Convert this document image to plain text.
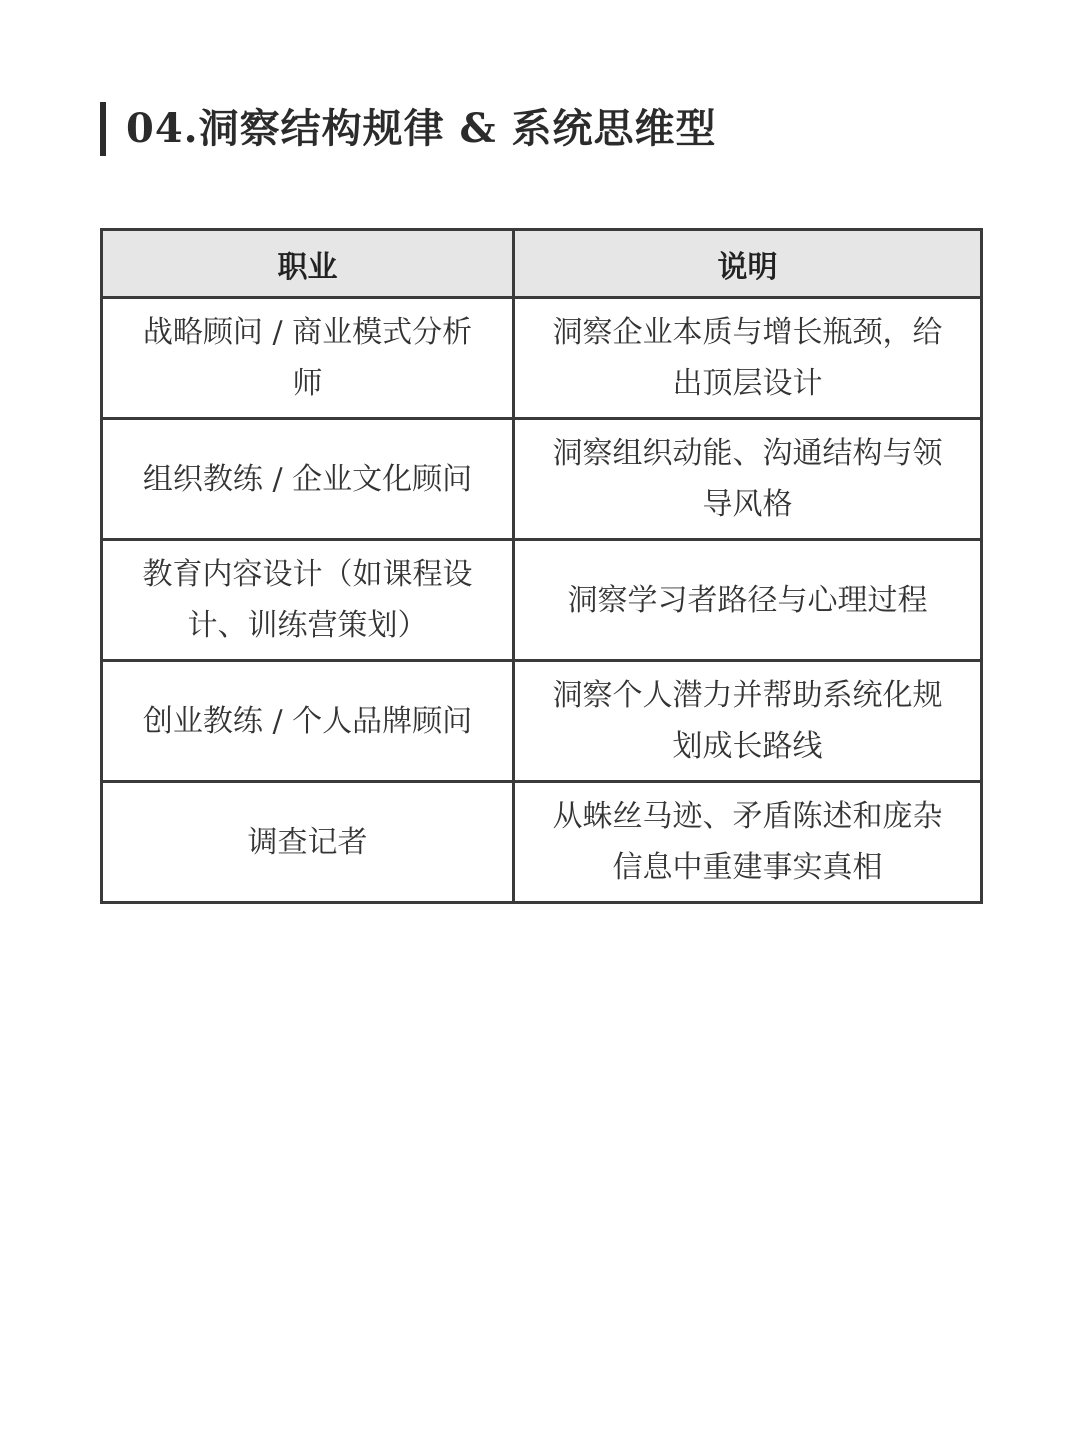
04.洞察结构规律 & 系统思维型
职业	说明
战略顾问 / 商业模式分析师	洞察企业本质与增长瓶颈，给出顶层设计
组织教练 / 企业文化顾问	洞察组织动能、沟通结构与领导风格
教育内容设计（如课程设计、训练营策划）	洞察学习者路径与心理过程
创业教练 / 个人品牌顾问	洞察个人潜力并帮助系统化规划成长路线
调查记者	从蛛丝马迹、矛盾陈述和庞杂信息中重建事实真相
